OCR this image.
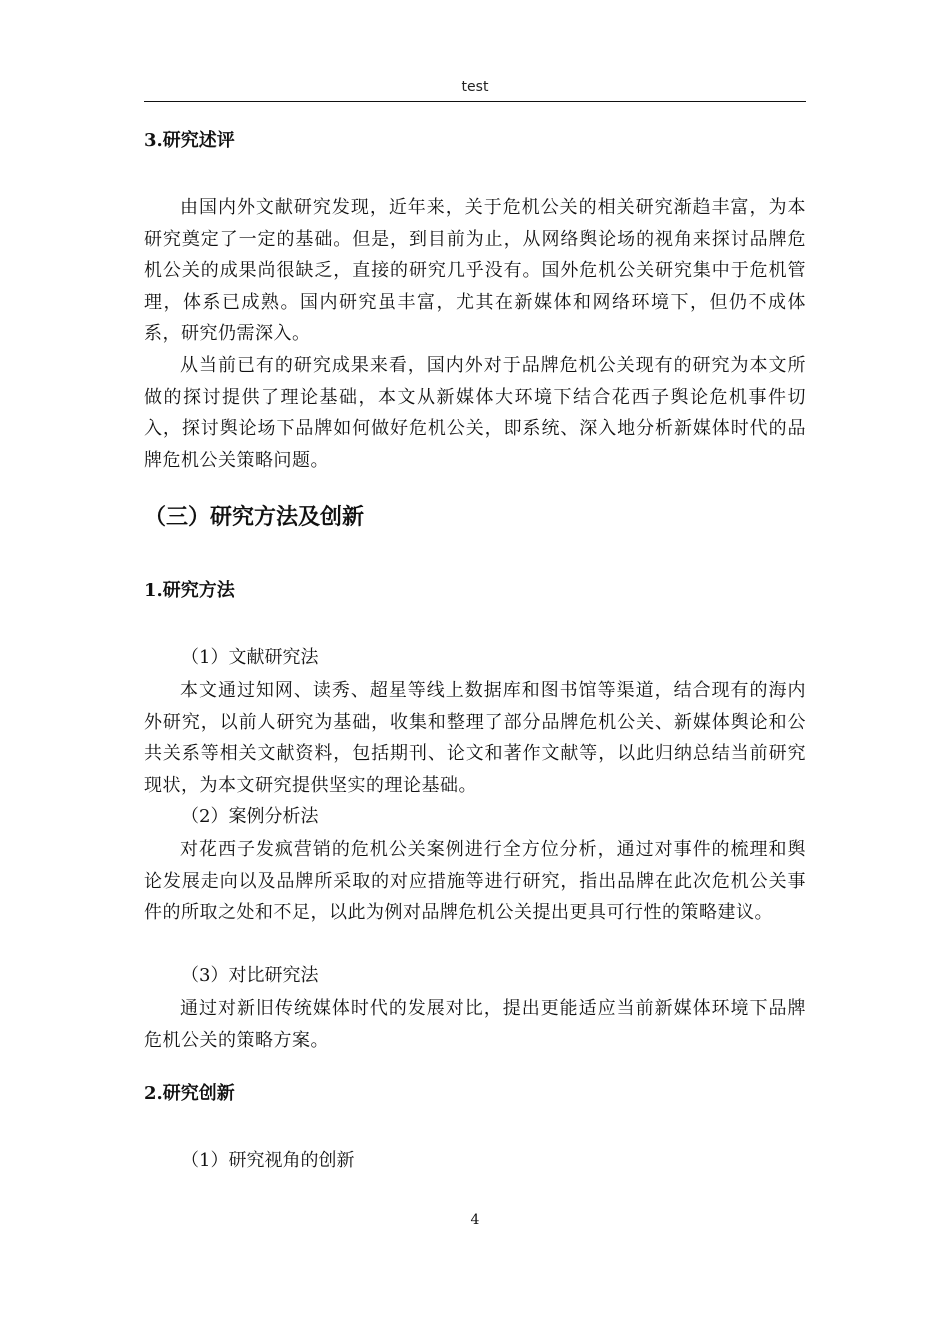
test
3.研究述评

由国内外文献研究发现，近年来，关于危机公关的相关研究渐趋丰富，为本研究奠定了一定的基础。但是，到目前为止，从网络舆论场的视角来探讨品牌危机公关的成果尚很缺乏，直接的研究几乎没有。国外危机公关研究集中于危机管理，体系已成熟。国内研究虽丰富，尤其在新媒体和网络环境下，但仍不成体系，研究仍需深入。

从当前已有的研究成果来看，国内外对于品牌危机公关现有的研究为本文所做的探讨提供了理论基础，本文从新媒体大环境下结合花西子舆论危机事件切入，探讨舆论场下品牌如何做好危机公关，即系统、深入地分析新媒体时代的品牌危机公关策略问题。

（三）研究方法及创新
1.研究方法
（1）文献研究法

本文通过知网、读秀、超星等线上数据库和图书馆等渠道，结合现有的海内外研究，以前人研究为基础，收集和整理了部分品牌危机公关、新媒体舆论和公共关系等相关文献资料，包括期刊、论文和著作文献等，以此归纳总结当前研究现状，为本文研究提供坚实的理论基础。

（2）案例分析法

对花西子发疯营销的危机公关案例进行全方位分析，通过对事件的梳理和舆论发展走向以及品牌所采取的对应措施等进行研究，指出品牌在此次危机公关事件的所取之处和不足，以此为例对品牌危机公关提出更具可行性的策略建议。

（3）对比研究法

通过对新旧传统媒体时代的发展对比，提出更能适应当前新媒体环境下品牌危机公关的策略方案。

2.研究创新
（1）研究视角的创新
4
